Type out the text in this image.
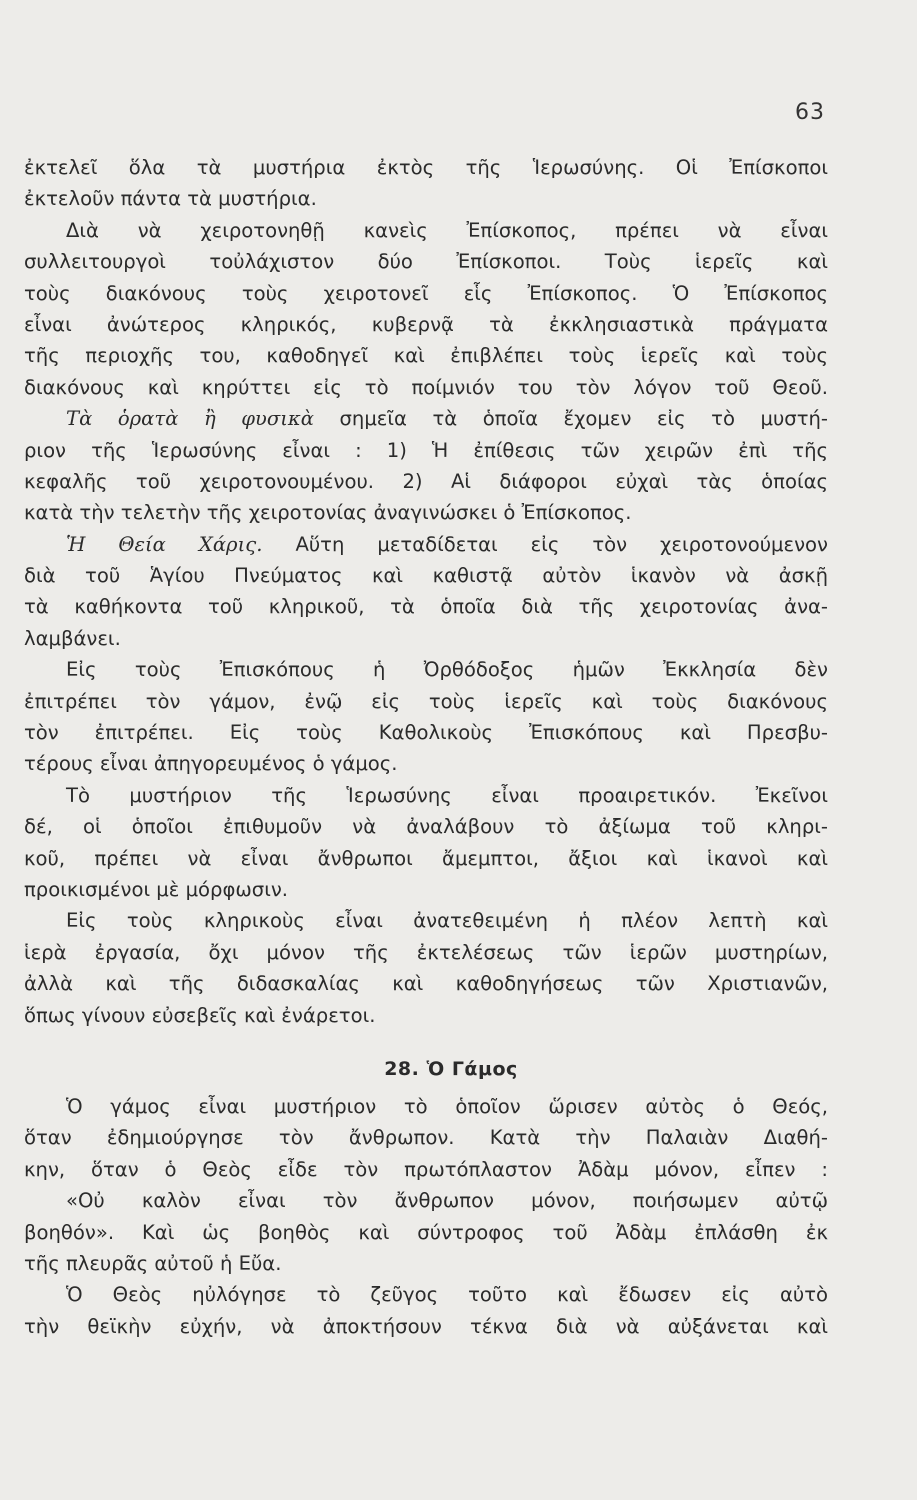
63
ἐκτελεῖ ὅλα τὰ μυστήρια ἐκτὸς τῆς Ἱερωσύνης. Οἱ Ἐπίσκοποι
ἐκτελοῦν πάντα τὰ μυστήρια.
Διὰ νὰ χειροτονηθῇ κανεὶς Ἐπίσκοπος, πρέπει νὰ εἶναι
συλλειτουργοὶ τοὐλάχιστον δύο Ἐπίσκοποι. Τοὺς ἱερεῖς καὶ
τοὺς διακόνους τοὺς χειροτονεῖ εἷς Ἐπίσκοπος. Ὁ Ἐπίσκοπος
εἶναι ἀνώτερος κληρικός, κυβερνᾷ τὰ ἐκκλησιαστικὰ πράγματα
τῆς περιοχῆς του, καθοδηγεῖ καὶ ἐπιβλέπει τοὺς ἱερεῖς καὶ τοὺς
διακόνους καὶ κηρύττει εἰς τὸ ποίμνιόν του τὸν λόγον τοῦ Θεοῦ.
Τὰ ὁρατὰ ἢ φυσικὰ σημεῖα τὰ ὁποῖα ἔχομεν εἰς τὸ μυστή-
ριον τῆς Ἱερωσύνης εἶναι : 1) Ἡ ἐπίθεσις τῶν χειρῶν ἐπὶ τῆς
κεφαλῆς τοῦ χειροτονουμένου. 2) Αἱ διάφοροι εὐχαὶ τὰς ὁποίας
κατὰ τὴν τελετὴν τῆς χειροτονίας ἀναγινώσκει ὁ Ἐπίσκοπος.
Ἡ Θεία Χάρις. Αὕτη μεταδίδεται εἰς τὸν χειροτονούμενον
διὰ τοῦ Ἁγίου Πνεύματος καὶ καθιστᾷ αὐτὸν ἱκανὸν νὰ ἀσκῇ
τὰ καθήκοντα τοῦ κληρικοῦ, τὰ ὁποῖα διὰ τῆς χειροτονίας ἀνα-
λαμβάνει.
Εἰς τοὺς Ἐπισκόπους ἡ Ὀρθόδοξος ἡμῶν Ἐκκλησία δὲν
ἐπιτρέπει τὸν γάμον, ἐνῷ εἰς τοὺς ἱερεῖς καὶ τοὺς διακόνους
τὸν ἐπιτρέπει. Εἰς τοὺς Καθολικοὺς Ἐπισκόπους καὶ Πρεσβυ-
τέρους εἶναι ἀπηγορευμένος ὁ γάμος.
Τὸ μυστήριον τῆς Ἱερωσύνης εἶναι προαιρετικόν. Ἐκεῖνοι
δέ, οἱ ὁποῖοι ἐπιθυμοῦν νὰ ἀναλάβουν τὸ ἀξίωμα τοῦ κληρι-
κοῦ, πρέπει νὰ εἶναι ἄνθρωποι ἄμεμπτοι, ἄξιοι καὶ ἱκανοὶ καὶ
προικισμένοι μὲ μόρφωσιν.
Εἰς τοὺς κληρικοὺς εἶναι ἀνατεθειμένη ἡ πλέον λεπτὴ καὶ
ἱερὰ ἐργασία, ὄχι μόνον τῆς ἐκτελέσεως τῶν ἱερῶν μυστηρίων,
ἀλλὰ καὶ τῆς διδασκαλίας καὶ καθοδηγήσεως τῶν Χριστιανῶν,
ὅπως γίνουν εὐσεβεῖς καὶ ἐνάρετοι.
28. Ὁ Γάμος
Ὁ γάμος εἶναι μυστήριον τὸ ὁποῖον ὥρισεν αὐτὸς ὁ Θεός,
ὅταν ἐδημιούργησε τὸν ἄνθρωπον. Κατὰ τὴν Παλαιὰν Διαθή-
κην, ὅταν ὁ Θεὸς εἶδε τὸν πρωτόπλαστον Ἀδὰμ μόνον, εἶπεν :
«Οὐ καλὸν εἶναι τὸν ἄνθρωπον μόνον, ποιήσωμεν αὐτῷ
βοηθόν». Καὶ ὡς βοηθὸς καὶ σύντροφος τοῦ Ἀδὰμ ἐπλάσθη ἐκ
τῆς πλευρᾶς αὐτοῦ ἡ Εὔα.
Ὁ Θεὸς ηὐλόγησε τὸ ζεῦγος τοῦτο καὶ ἔδωσεν εἰς αὐτὸ
τὴν θεϊκὴν εὐχήν, νὰ ἀποκτήσουν τέκνα διὰ νὰ αὐξάνεται καὶ
